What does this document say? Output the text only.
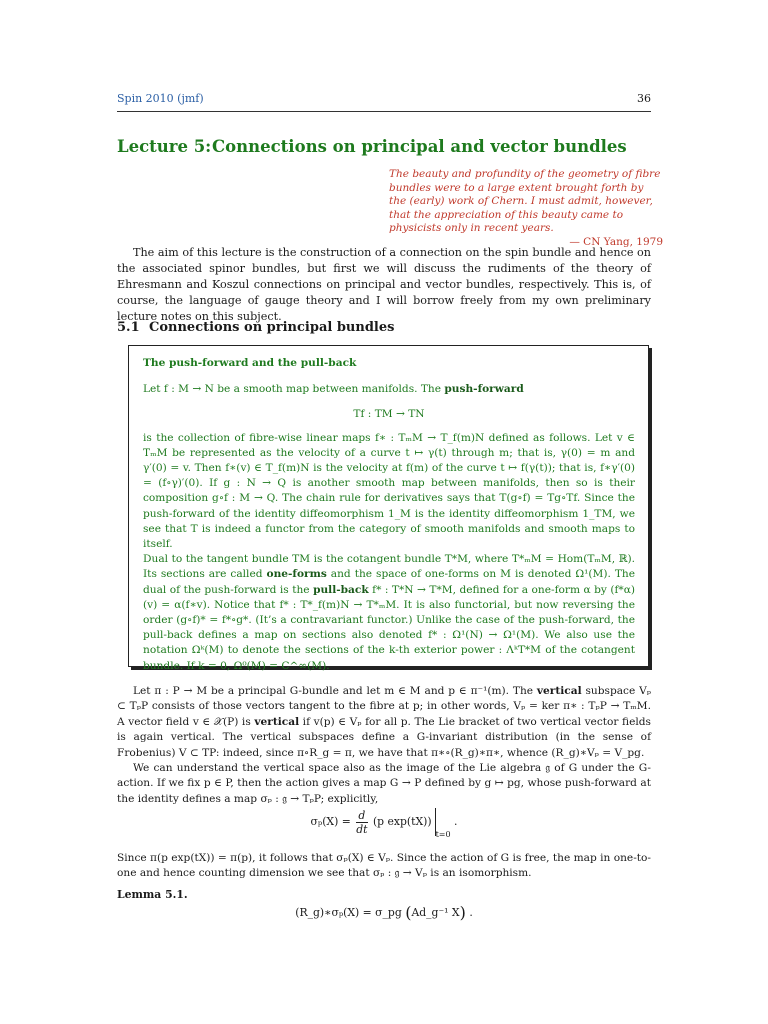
Spin 2010 (jmf)	36
Lecture 5:Connections on principal and vector bundles
The beauty and profundity of the geometry of fibre bundles were to a large extent brought forth by the (early) work of Chern. I must admit, however, that the appreciation of this beauty came to physicists only in recent years.
— CN Yang, 1979
The aim of this lecture is the construction of a connection on the spin bundle and hence on the associated spinor bundles, but first we will discuss the rudiments of the theory of Ehresmann and Koszul connections on principal and vector bundles, respectively. This is, of course, the language of gauge theory and I will borrow freely from my own preliminary lecture notes on this subject.
5.1 Connections on principal bundles
The push-forward and the pull-back
Let f : M → N be a smooth map between manifolds. The push-forward
Tf : TM → TN
is the collection of fibre-wise linear maps f∗ : TₘM → T_f(m)N defined as follows. Let v ∈ TₘM be represented as the velocity of a curve t ↦ γ(t) through m; that is, γ(0) = m and γ′(0) = v. Then f∗(v) ∈ T_f(m)N is the velocity at f(m) of the curve t ↦ f(γ(t)); that is, f∗γ′(0) = (f∘γ)′(0). If g : N → Q is another smooth map between manifolds, then so is their composition g∘f : M → Q. The chain rule for derivatives says that T(g∘f) = Tg∘Tf. Since the push-forward of the identity diffeomorphism 1_M is the identity diffeomorphism 1_TM, we see that T is indeed a functor from the category of smooth manifolds and smooth maps to itself.
Dual to the tangent bundle TM is the cotangent bundle T*M, where T*ₘM = Hom(TₘM, ℝ). Its sections are called one-forms and the space of one-forms on M is denoted Ω¹(M). The dual of the push-forward is the pull-back f* : T*N → T*M, defined for a one-form α by (f*α)(v) = α(f∗v). Notice that f* : T*_f(m)N → T*ₘM. It is also functorial, but now reversing the order (g∘f)* = f*∘g*. (It’s a contravariant functor.) Unlike the case of the push-forward, the pull-back defines a map on sections also denoted f* : Ω¹(N) → Ω¹(M). We also use the notation Ωᵏ(M) to denote the sections of the k-th exterior power : ΛᵏT*M of the cotangent bundle. If k = 0, Ω⁰(M) = C^∞(M).

Let π : P → M be a principal G-bundle and let m ∈ M and p ∈ π⁻¹(m). The vertical subspace Vₚ ⊂ TₚP consists of those vectors tangent to the fibre at p; in other words, Vₚ = ker π∗ : TₚP → TₘM. A vector field v ∈ 𝒳(P) is vertical if v(p) ∈ Vₚ for all p. The Lie bracket of two vertical vector fields is again vertical. The vertical subspaces define a G-invariant distribution (in the sense of Frobenius) V ⊂ TP: indeed, since π∘R_g = π, we have that π∗∘(R_g)∗π∗, whence (R_g)∗Vₚ = V_pg.

We can understand the vertical space also as the image of the Lie algebra 𝔤 of G under the G-action. If we fix p ∈ P, then the action gives a map G → P defined by g ↦ pg, whose push-forward at the identity defines a map σₚ : 𝔤 → TₚP; explicitly,

$\sigma_p(X) = \frac{d}{dt} (p$ $\exp(tX))_{t=0}$ .
Since π(p exp(tX)) = π(p), it follows that σₚ(X) ∈ Vₚ. Since the action of G is free, the map in one-to-one and hence counting dimension we see that σₚ : 𝔤 → Vₚ is an isomorphism.
Lemma 5.1.
(R_g)∗σₚ(X) = σ_pg (Ad_g⁻¹ X) .
